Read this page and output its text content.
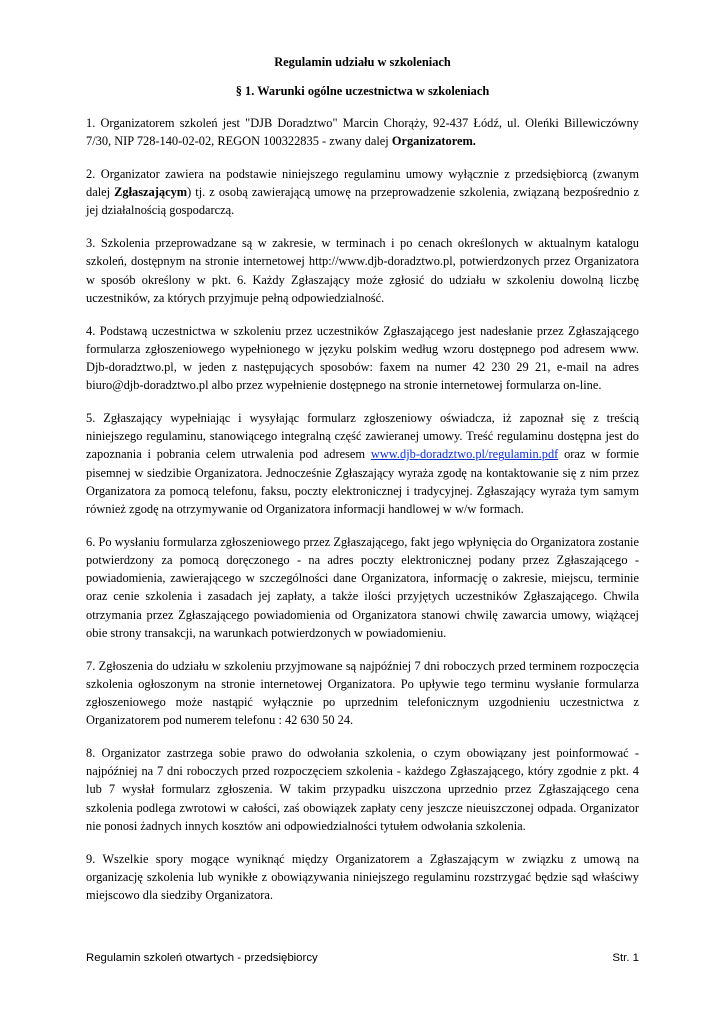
Regulamin udziału w szkoleniach
§ 1. Warunki ogólne uczestnictwa w szkoleniach

1. Organizatorem szkoleń jest "DJB Doradztwo" Marcin Chorąży, 92-437 Łódź, ul. Oleńki Billewiczówny 7/30, NIP 728-140-02-02, REGON 100322835 - zwany dalej Organizatorem.

2. Organizator zawiera na podstawie niniejszego regulaminu umowy wyłącznie z przedsiębiorcą (zwanym dalej Zgłaszającym) tj. z osobą zawierającą umowę na przeprowadzenie szkolenia, związaną bezpośrednio z jej działalnością gospodarczą.

3. Szkolenia przeprowadzane są w zakresie, w terminach i po cenach określonych w aktualnym katalogu szkoleń, dostępnym na stronie internetowej http://www.djb-doradztwo.pl, potwierdzonych przez Organizatora w sposób określony w pkt. 6. Każdy Zgłaszający może zgłosić do udziału w szkoleniu dowolną liczbę uczestników, za których przyjmuje pełną odpowiedzialność.

4. Podstawą uczestnictwa w szkoleniu przez uczestników Zgłaszającego jest nadesłanie przez Zgłaszającego formularza zgłoszeniowego wypełnionego w języku polskim według wzoru dostępnego pod adresem www. Djb-doradztwo.pl, w jeden z następujących sposobów: faxem na numer 42 230 29 21, e-mail na adres biuro@djb-doradztwo.pl albo przez wypełnienie dostępnego na stronie internetowej formularza on-line.

5. Zgłaszający wypełniając i wysyłając formularz zgłoszeniowy oświadcza, iż zapoznał się z treścią niniejszego regulaminu, stanowiącego integralną część zawieranej umowy. Treść regulaminu dostępna jest do zapoznania i pobrania celem utrwalenia pod adresem www.djb-doradztwo.pl/regulamin.pdf oraz w formie pisemnej w siedzibie Organizatora. Jednocześnie Zgłaszający wyraża zgodę na kontaktowanie się z nim przez Organizatora za pomocą telefonu, faksu, poczty elektronicznej i tradycyjnej. Zgłaszający wyraża tym samym również zgodę na otrzymywanie od Organizatora informacji handlowej w w/w formach.

6. Po wysłaniu formularza zgłoszeniowego przez Zgłaszającego, fakt jego wpłynięcia do Organizatora zostanie potwierdzony za pomocą doręczonego - na adres poczty elektronicznej podany przez Zgłaszającego - powiadomienia, zawierającego w szczególności dane Organizatora, informację o zakresie, miejscu, terminie oraz cenie szkolenia i zasadach jej zapłaty, a także ilości przyjętych uczestników Zgłaszającego. Chwila otrzymania przez Zgłaszającego powiadomienia od Organizatora stanowi chwilę zawarcia umowy, wiążącej obie strony transakcji, na warunkach potwierdzonych w powiadomieniu.

7. Zgłoszenia do udziału w szkoleniu przyjmowane są najpóźniej 7 dni roboczych przed terminem rozpoczęcia szkolenia ogłoszonym na stronie internetowej Organizatora. Po upływie tego terminu wysłanie formularza zgłoszeniowego może nastąpić wyłącznie po uprzednim telefonicznym uzgodnieniu uczestnictwa z Organizatorem pod numerem telefonu : 42 630 50 24.

8. Organizator zastrzega sobie prawo do odwołania szkolenia, o czym obowiązany jest poinformować - najpóźniej na 7 dni roboczych przed rozpoczęciem szkolenia - każdego Zgłaszającego, który zgodnie z pkt. 4 lub 7 wysłał formularz zgłoszenia. W takim przypadku uiszczona uprzednio przez Zgłaszającego cena szkolenia podlega zwrotowi w całości, zaś obowiązek zapłaty ceny jeszcze nieuiszczonej odpada. Organizator nie ponosi żadnych innych kosztów ani odpowiedzialności tytułem odwołania szkolenia.

9. Wszelkie spory mogące wyniknąć między Organizatorem a Zgłaszającym w związku z umową na organizację szkolenia lub wynikłe z obowiązywania niniejszego regulaminu rozstrzygać będzie sąd właściwy miejscowo dla siedziby Organizatora.

Regulamin szkoleń otwartych - przedsiębiorcy	Str. 1
